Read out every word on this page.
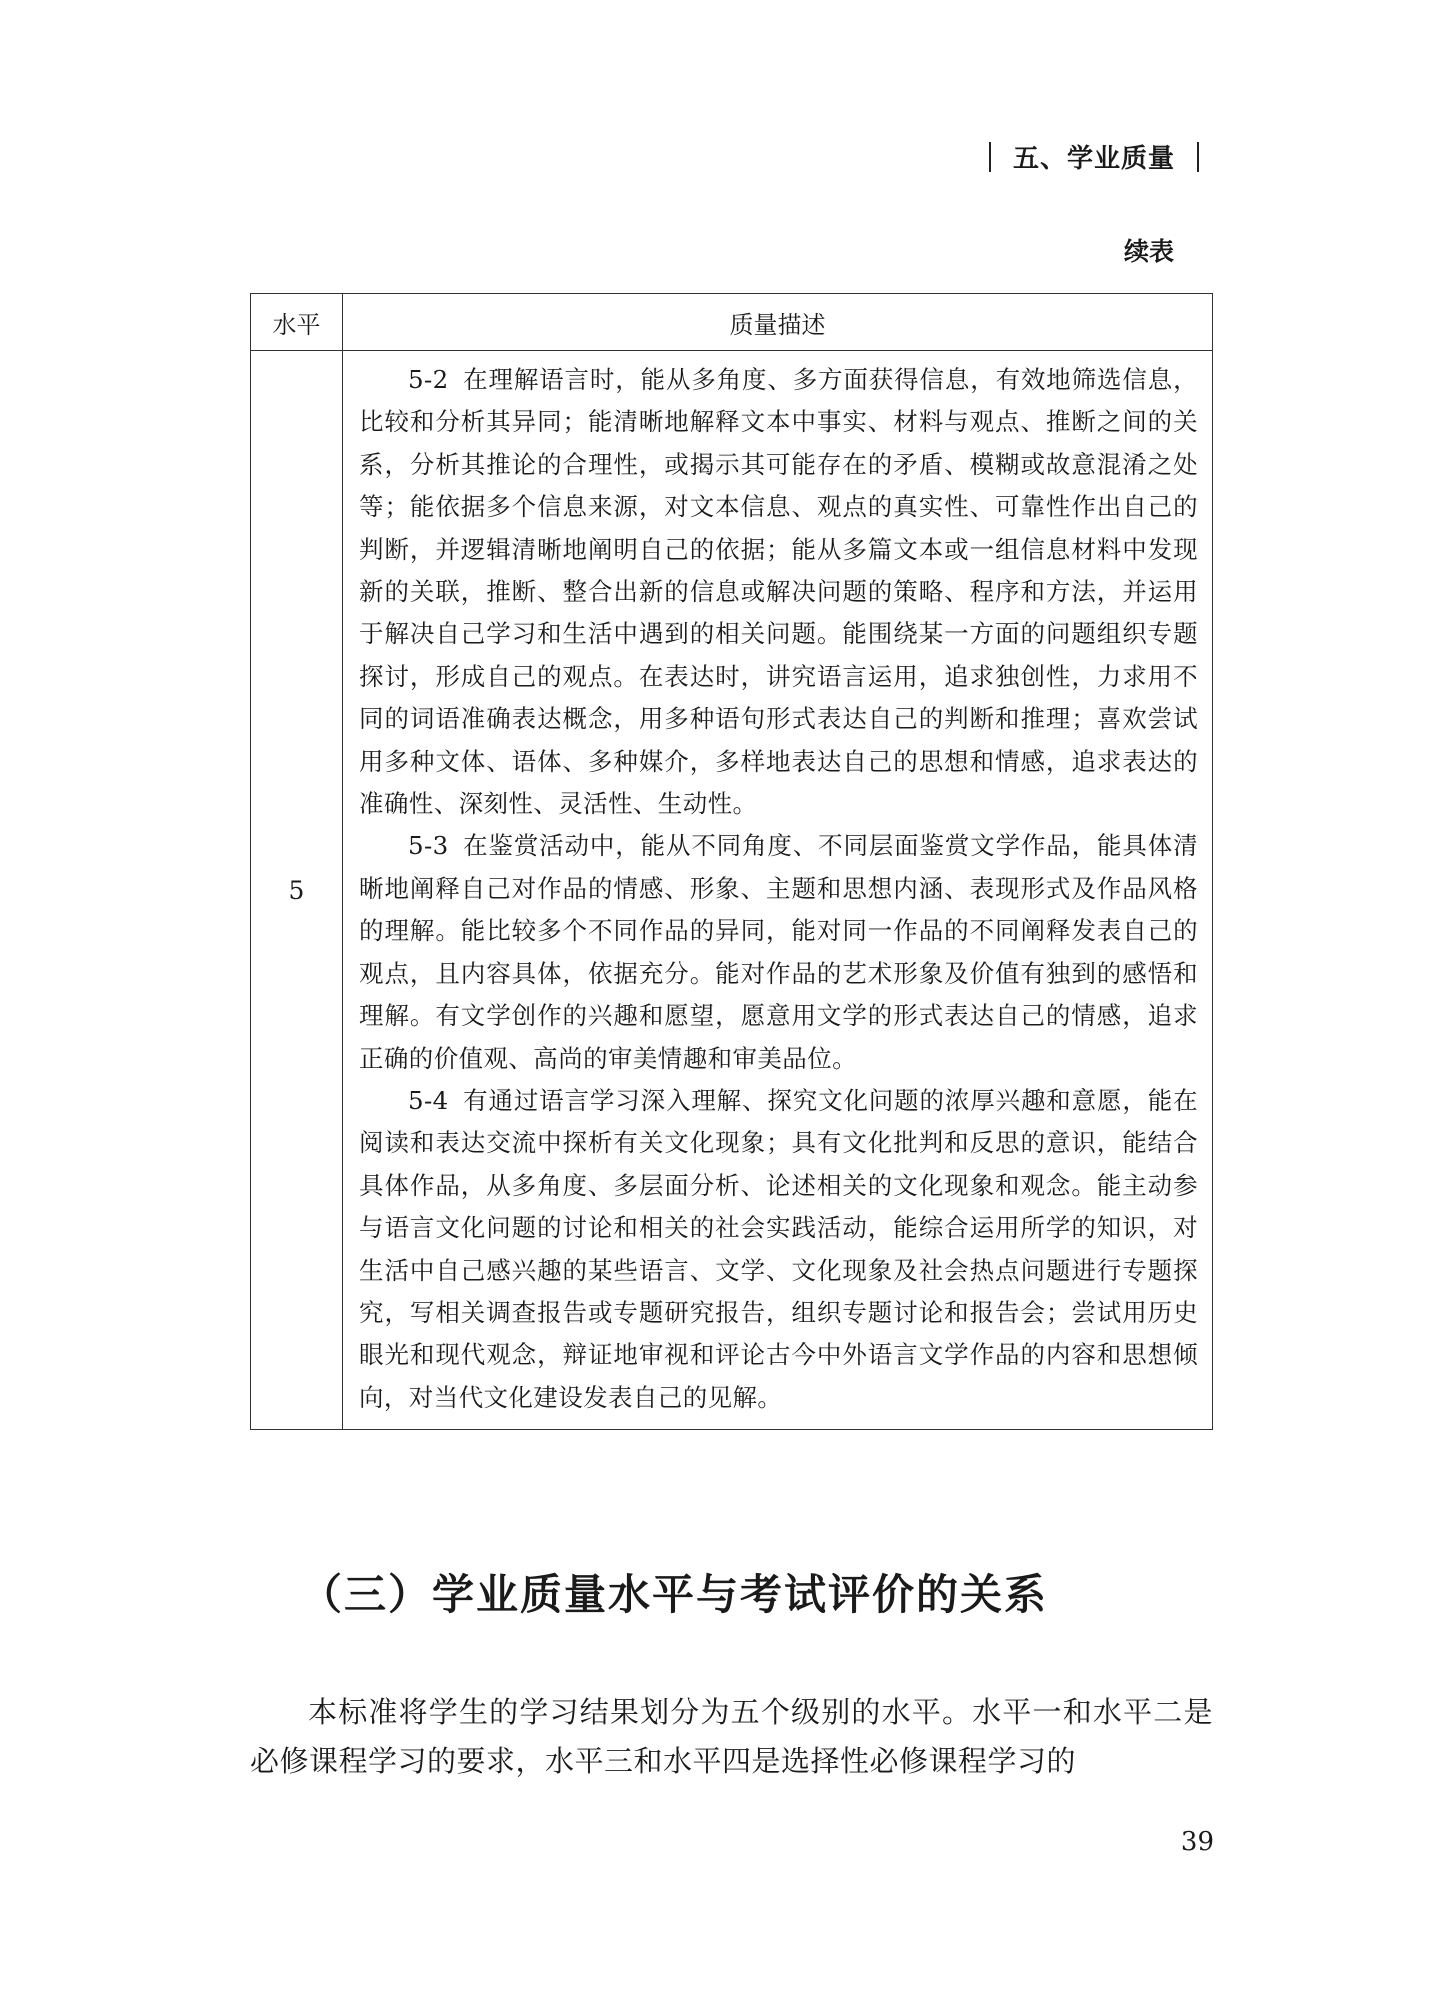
五、学业质量
续表
水平	质量描述
5	5-2 在理解语言时，能从多角度、多方面获得信息，有效地筛选信息，比较和分析其异同；能清晰地解释文本中事实、材料与观点、推断之间的关系，分析其推论的合理性，或揭示其可能存在的矛盾、模糊或故意混淆之处等；能依据多个信息来源，对文本信息、观点的真实性、可靠性作出自己的判断，并逻辑清晰地阐明自己的依据；能从多篇文本或一组信息材料中发现新的关联，推断、整合出新的信息或解决问题的策略、程序和方法，并运用于解决自己学习和生活中遇到的相关问题。能围绕某一方面的问题组织专题探讨，形成自己的观点。在表达时，讲究语言运用，追求独创性，力求用不同的词语准确表达概念，用多种语句形式表达自己的判断和推理；喜欢尝试用多种文体、语体、多种媒介，多样地表达自己的思想和情感，追求表达的准确性、深刻性、灵活性、生动性。

5-3 在鉴赏活动中，能从不同角度、不同层面鉴赏文学作品，能具体清晰地阐释自己对作品的情感、形象、主题和思想内涵、表现形式及作品风格的理解。能比较多个不同作品的异同，能对同一作品的不同阐释发表自己的观点，且内容具体，依据充分。能对作品的艺术形象及价值有独到的感悟和理解。有文学创作的兴趣和愿望，愿意用文学的形式表达自己的情感，追求正确的价值观、高尚的审美情趣和审美品位。

5-4 有通过语言学习深入理解、探究文化问题的浓厚兴趣和意愿，能在阅读和表达交流中探析有关文化现象；具有文化批判和反思的意识，能结合具体作品，从多角度、多层面分析、论述相关的文化现象和观念。能主动参与语言文化问题的讨论和相关的社会实践活动，能综合运用所学的知识，对生活中自己感兴趣的某些语言、文学、文化现象及社会热点问题进行专题探究，写相关调查报告或专题研究报告，组织专题讨论和报告会；尝试用历史眼光和现代观念，辩证地审视和评论古今中外语言文学作品的内容和思想倾向，对当代文化建设发表自己的见解。

（三）学业质量水平与考试评价的关系

本标准将学生的学习结果划分为五个级别的水平。水平一和水平二是必修课程学习的要求，水平三和水平四是选择性必修课程学习的

39
